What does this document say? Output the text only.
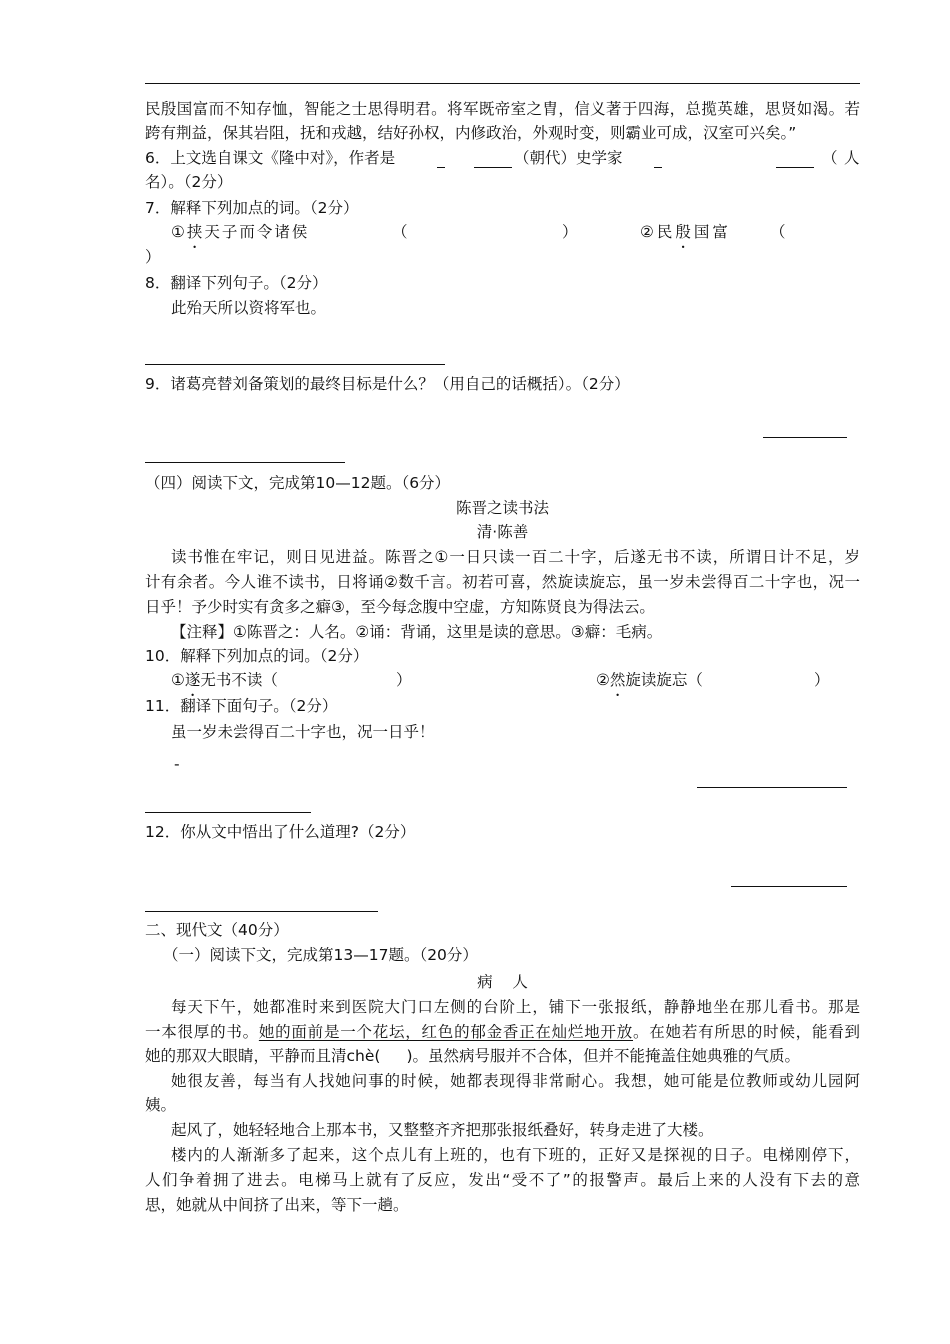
民殷国富而不知存恤，智能之士思得明君。将军既帝室之胄，信义著于四海，总揽英雄，思贤如渴。若
跨有荆益，保其岩阻，抚和戎越，结好孙权，内修政治，外观时变，则霸业可成，汉室可兴矣。”
6．上文选自课文《隆中对》，作者是	（朝代）史学家	（ 人
名）。（2分）
7．解释下列加点的词。（2分）
①挟天子而令诸侯	（	）	②民殷国富	（
）
8．翻译下列句子。（2分）
此殆天所以资将军也。
9．诸葛亮替刘备策划的最终目标是什么？（用自己的话概括）。（2分）
（四）阅读下文，完成第10—12题。（6分）
陈晋之读书法
清·陈善
读书惟在牢记，则日见进益。陈晋之①一日只读一百二十字，后遂无书不读，所谓日计不足，岁
计有余者。今人谁不读书，日将诵②数千言。初若可喜，然旋读旋忘，虽一岁未尝得百二十字也，况一
日乎！予少时实有贪多之癖③，至今每念腹中空虚，方知陈贤良为得法云。
【注释】①陈晋之：人名。②诵：背诵，这里是读的意思。③癖：毛病。
10．解释下列加点的词。（2分）
①遂无书不读（	）	②然旋读旋忘（	）
11．翻译下面句子。（2分）
虽一岁未尝得百二十字也，况一日乎！
-
12．你从文中悟出了什么道理?（2分）
二、现代文（40分）
（一）阅读下文，完成第13—17题。（20分）
病    人
每天下午，她都准时来到医院大门口左侧的台阶上，铺下一张报纸，静静地坐在那儿看书。那是
一本很厚的书。她的面前是一个花坛，红色的郁金香正在灿烂地开放。在她若有所思的时候，能看到
她的那双大眼睛，平静而且清chè( )。虽然病号服并不合体，但并不能掩盖住她典雅的气质。
她很友善，每当有人找她问事的时候，她都表现得非常耐心。我想，她可能是位教师或幼儿园阿
姨。
起风了，她轻轻地合上那本书，又整整齐齐把那张报纸叠好，转身走进了大楼。
楼内的人渐渐多了起来，这个点儿有上班的，也有下班的，正好又是探视的日子。电梯刚停下，
人们争着拥了进去。电梯马上就有了反应，发出“受不了”的报警声。最后上来的人没有下去的意
思，她就从中间挤了出来，等下一趟。
